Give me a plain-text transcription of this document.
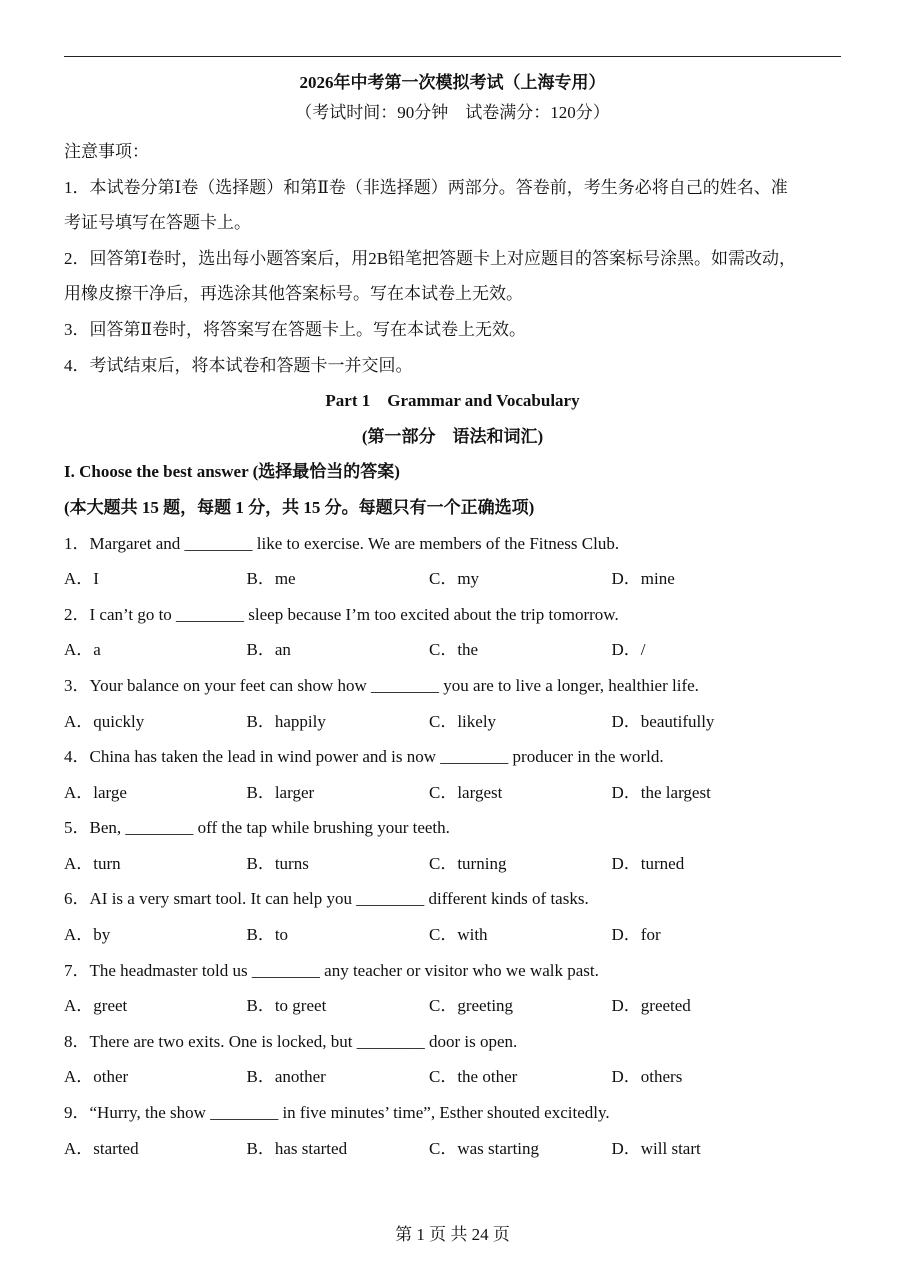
2026年中考第一次模拟考试（上海专用）
（考试时间：90分钟　试卷满分：120分）
注意事项：
1．本试卷分第Ⅰ卷（选择题）和第Ⅱ卷（非选择题）两部分。答卷前，考生务必将自己的姓名、准
考证号填写在答题卡上。
2．回答第Ⅰ卷时，选出每小题答案后，用2B铅笔把答题卡上对应题目的答案标号涂黑。如需改动，
用橡皮擦干净后，再选涂其他答案标号。写在本试卷上无效。
3．回答第Ⅱ卷时，将答案写在答题卡上。写在本试卷上无效。
4．考试结束后，将本试卷和答题卡一并交回。
Part 1　Grammar and Vocabulary
(第一部分　语法和词汇)
I. Choose the best answer (选择最恰当的答案)
(本大题共 15 题，每题 1 分，共 15 分。每题只有一个正确选项)
1．Margaret and ________ like to exercise. We are members of the Fitness Club.
A．I	B．me	C．my	D．mine
2．I can’t go to ________ sleep because I’m too excited about the trip tomorrow.
A．a	B．an	C．the	D．/
3．Your balance on your feet can show how ________ you are to live a longer, healthier life.
A．quickly	B．happily	C．likely	D．beautifully
4．China has taken the lead in wind power and is now ________ producer in the world.
A．large	B．larger	C．largest	D．the largest
5．Ben, ________ off the tap while brushing your teeth.
A．turn	B．turns	C．turning	D．turned
6．AI is a very smart tool. It can help you ________ different kinds of tasks.
A．by	B．to	C．with	D．for
7．The headmaster told us ________ any teacher or visitor who we walk past.
A．greet	B．to greet	C．greeting	D．greeted
8．There are two exits. One is locked, but ________ door is open.
A．other	B．another	C．the other	D．others
9．“Hurry, the show ________ in five minutes’ time”, Esther shouted excitedly.
A．started	B．has started	C．was starting	D．will start
第 1 页 共 24 页
